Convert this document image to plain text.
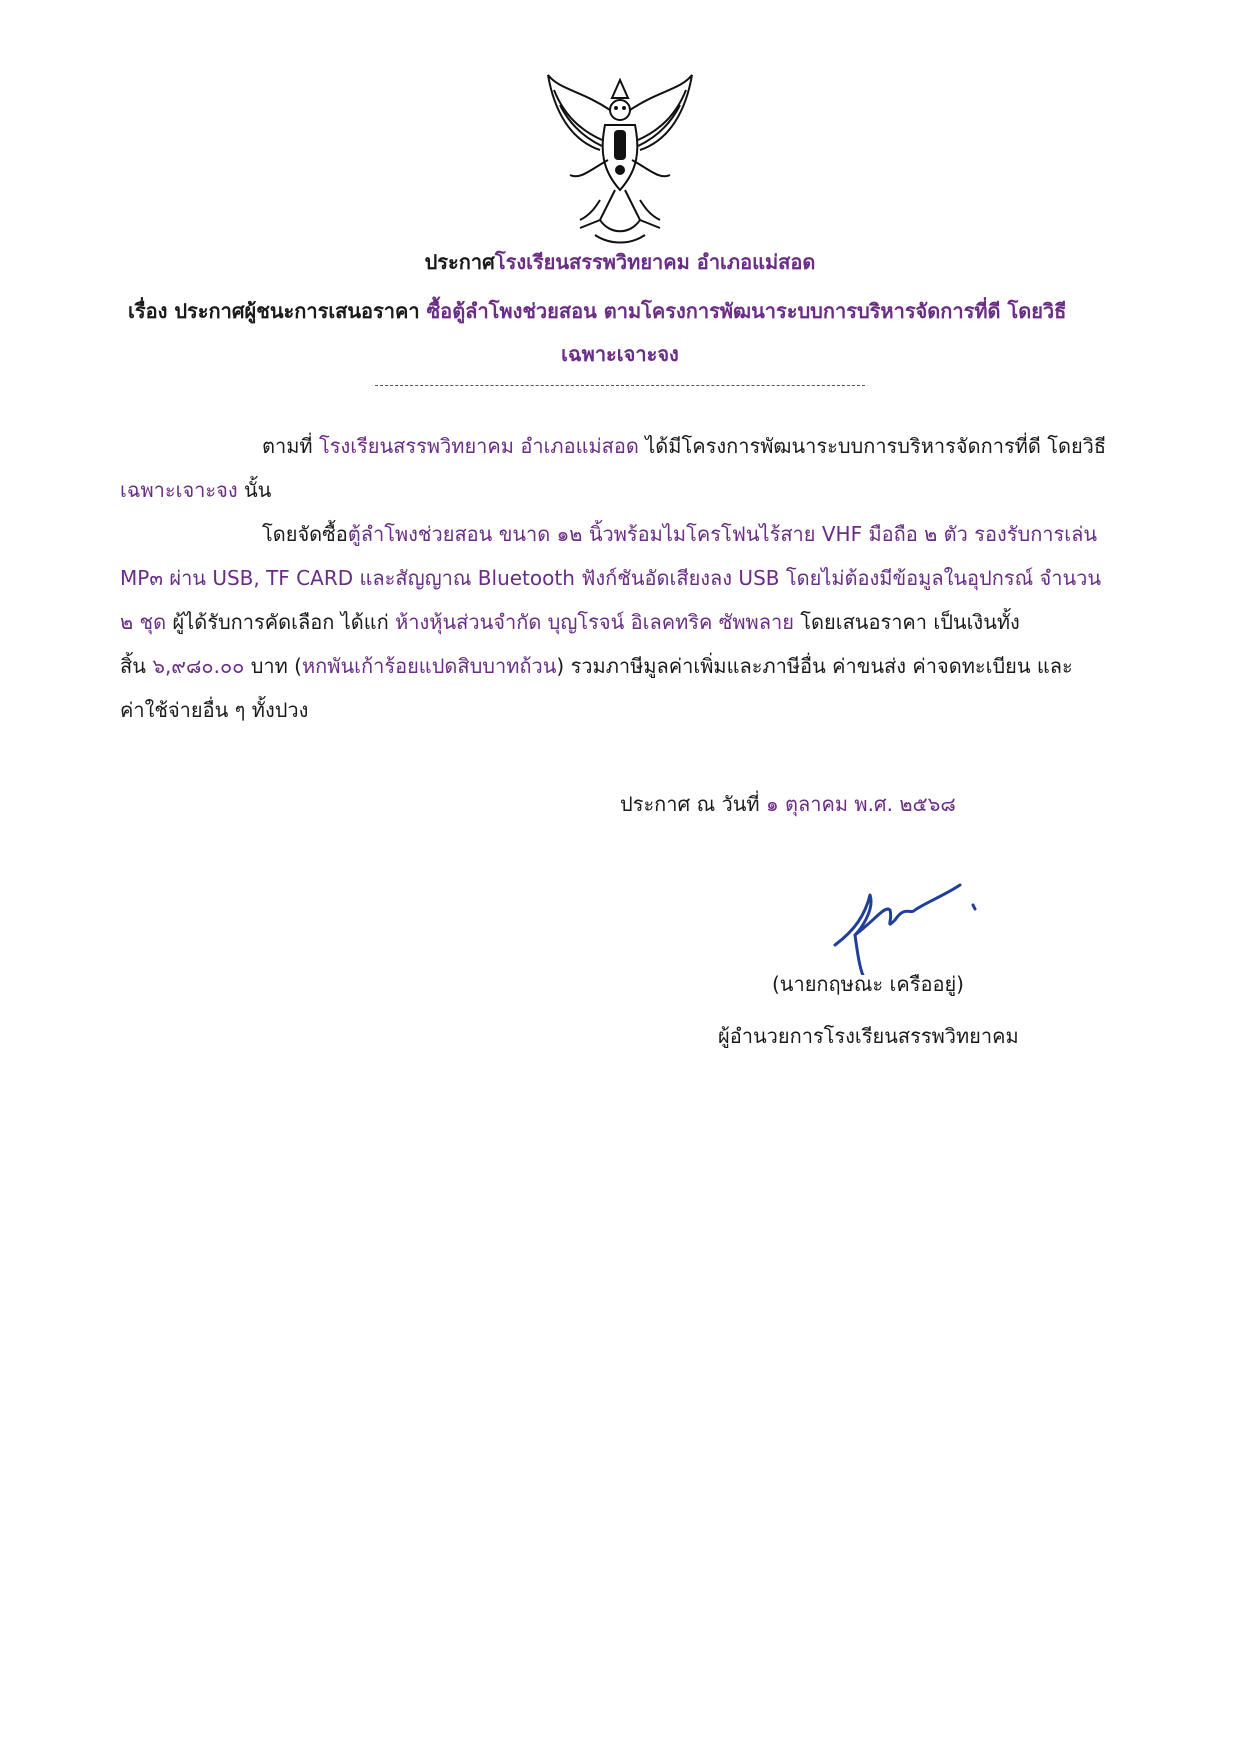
ประกาศโรงเรียนสรรพวิทยาคม อำเภอแม่สอด
เรื่อง ประกาศผู้ชนะการเสนอราคา ซื้อตู้ลำโพงช่วยสอน ตามโครงการพัฒนาระบบการบริหารจัดการที่ดี โดยวิธี
เฉพาะเจาะจง
ตามที่ โรงเรียนสรรพวิทยาคม อำเภอแม่สอด ได้มีโครงการพัฒนาระบบการบริหารจัดการที่ดี โดยวิธี
เฉพาะเจาะจง นั้น
โดยจัดซื้อตู้ลำโพงช่วยสอน ขนาด ๑๒ นิ้วพร้อมไมโครโฟนไร้สาย VHF มือถือ ๒ ตัว รองรับการเล่น
MP๓ ผ่าน USB, TF CARD และสัญญาณ Bluetooth ฟังก์ชันอัดเสียงลง USB โดยไม่ต้องมีข้อมูลในอุปกรณ์ จำนวน
๒ ชุด ผู้ได้รับการคัดเลือก ได้แก่ ห้างหุ้นส่วนจำกัด บุญโรจน์ อิเลคทริค ซัพพลาย โดยเสนอราคา เป็นเงินทั้ง
สิ้น ๖,๙๘๐.๐๐ บาท (หกพันเก้าร้อยแปดสิบบาทถ้วน) รวมภาษีมูลค่าเพิ่มและภาษีอื่น ค่าขนส่ง ค่าจดทะเบียน และ
ค่าใช้จ่ายอื่น ๆ ทั้งปวง
ประกาศ ณ วันที่ ๑ ตุลาคม พ.ศ. ๒๕๖๘
(นายกฤษณะ เครืออยู่)
ผู้อำนวยการโรงเรียนสรรพวิทยาคม
